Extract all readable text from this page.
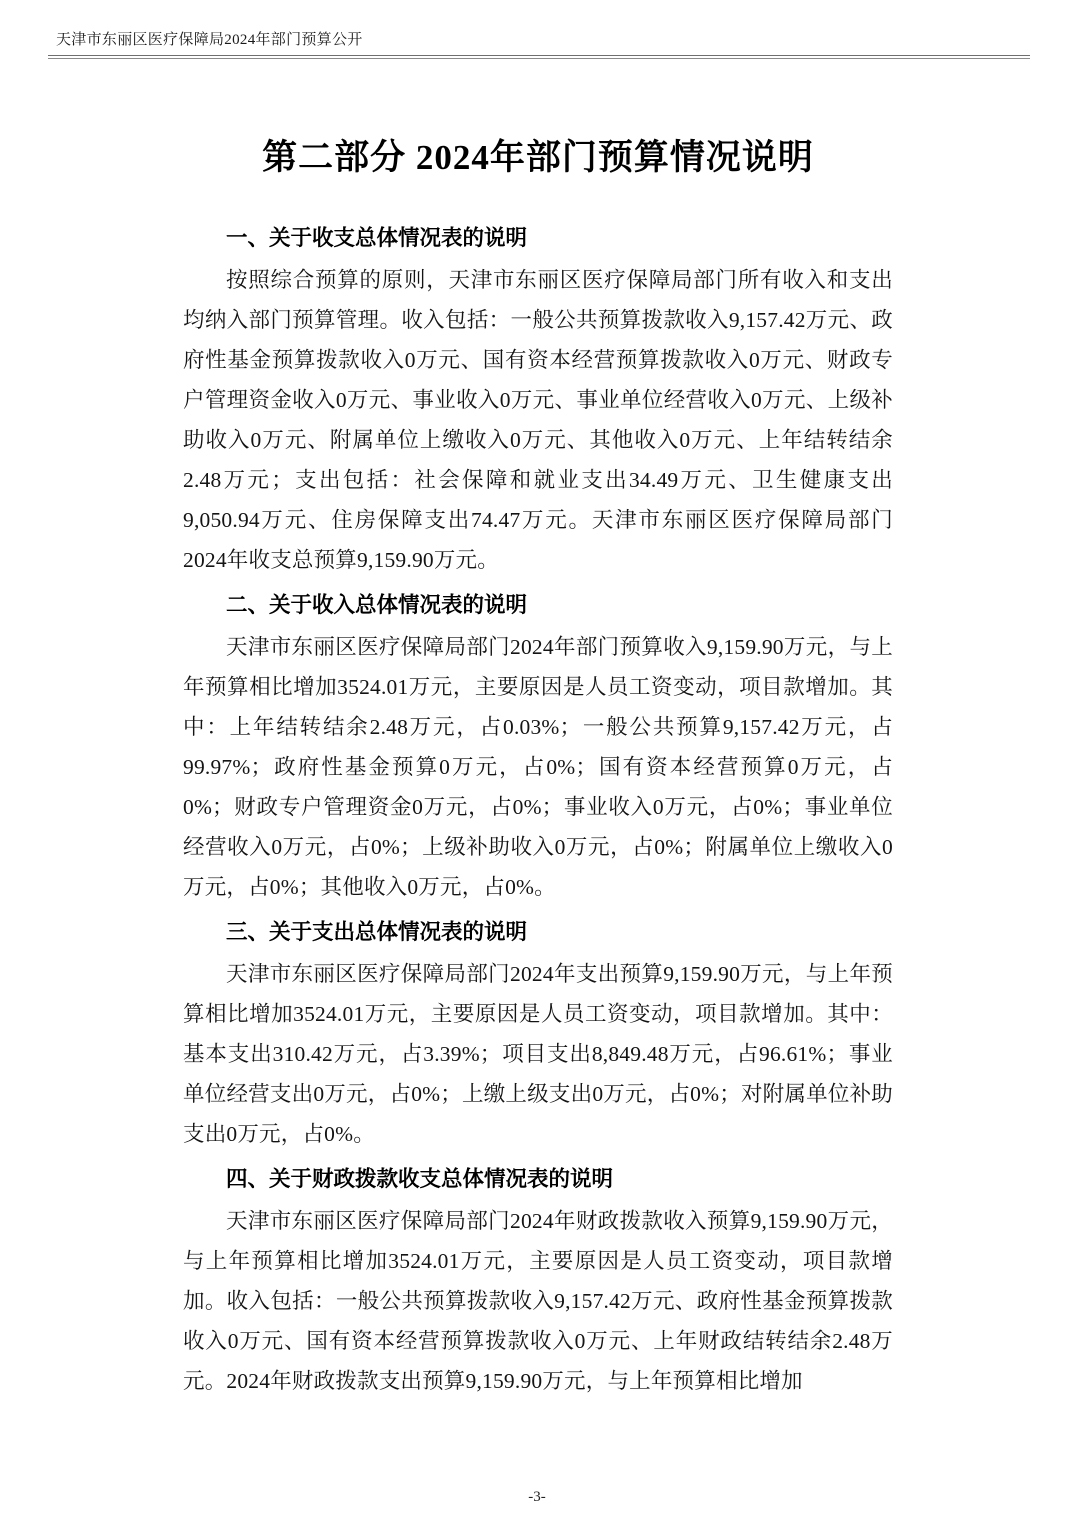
天津市东丽区医疗保障局2024年部门预算公开
第二部分 2024年部门预算情况说明
一、关于收支总体情况表的说明

按照综合预算的原则，天津市东丽区医疗保障局部门所有收入和支出均纳入部门预算管理。收入包括：一般公共预算拨款收入9,157.42万元、政府性基金预算拨款收入0万元、国有资本经营预算拨款收入0万元、财政专户管理资金收入0万元、事业收入0万元、事业单位经营收入0万元、上级补助收入0万元、附属单位上缴收入0万元、其他收入0万元、上年结转结余2.48万元；支出包括：社会保障和就业支出34.49万元、卫生健康支出9,050.94万元、住房保障支出74.47万元。天津市东丽区医疗保障局部门2024年收支总预算9,159.90万元。

二、关于收入总体情况表的说明

天津市东丽区医疗保障局部门2024年部门预算收入9,159.90万元，与上年预算相比增加3524.01万元，主要原因是人员工资变动，项目款增加。其中：上年结转结余2.48万元，占0.03%；一般公共预算9,157.42万元，占99.97%；政府性基金预算0万元，占0%；国有资本经营预算0万元，占0%；财政专户管理资金0万元，占0%；事业收入0万元，占0%；事业单位经营收入0万元，占0%；上级补助收入0万元，占0%；附属单位上缴收入0万元，占0%；其他收入0万元，占0%。

三、关于支出总体情况表的说明

天津市东丽区医疗保障局部门2024年支出预算9,159.90万元，与上年预算相比增加3524.01万元，主要原因是人员工资变动，项目款增加。其中：基本支出310.42万元，占3.39%；项目支出8,849.48万元，占96.61%；事业单位经营支出0万元，占0%；上缴上级支出0万元，占0%；对附属单位补助支出0万元，占0%。

四、关于财政拨款收支总体情况表的说明

天津市东丽区医疗保障局部门2024年财政拨款收入预算9,159.90万元，与上年预算相比增加3524.01万元，主要原因是人员工资变动，项目款增加。收入包括：一般公共预算拨款收入9,157.42万元、政府性基金预算拨款收入0万元、国有资本经营预算拨款收入0万元、上年财政结转结余2.48万元。2024年财政拨款支出预算9,159.90万元，与上年预算相比增加

-3-
